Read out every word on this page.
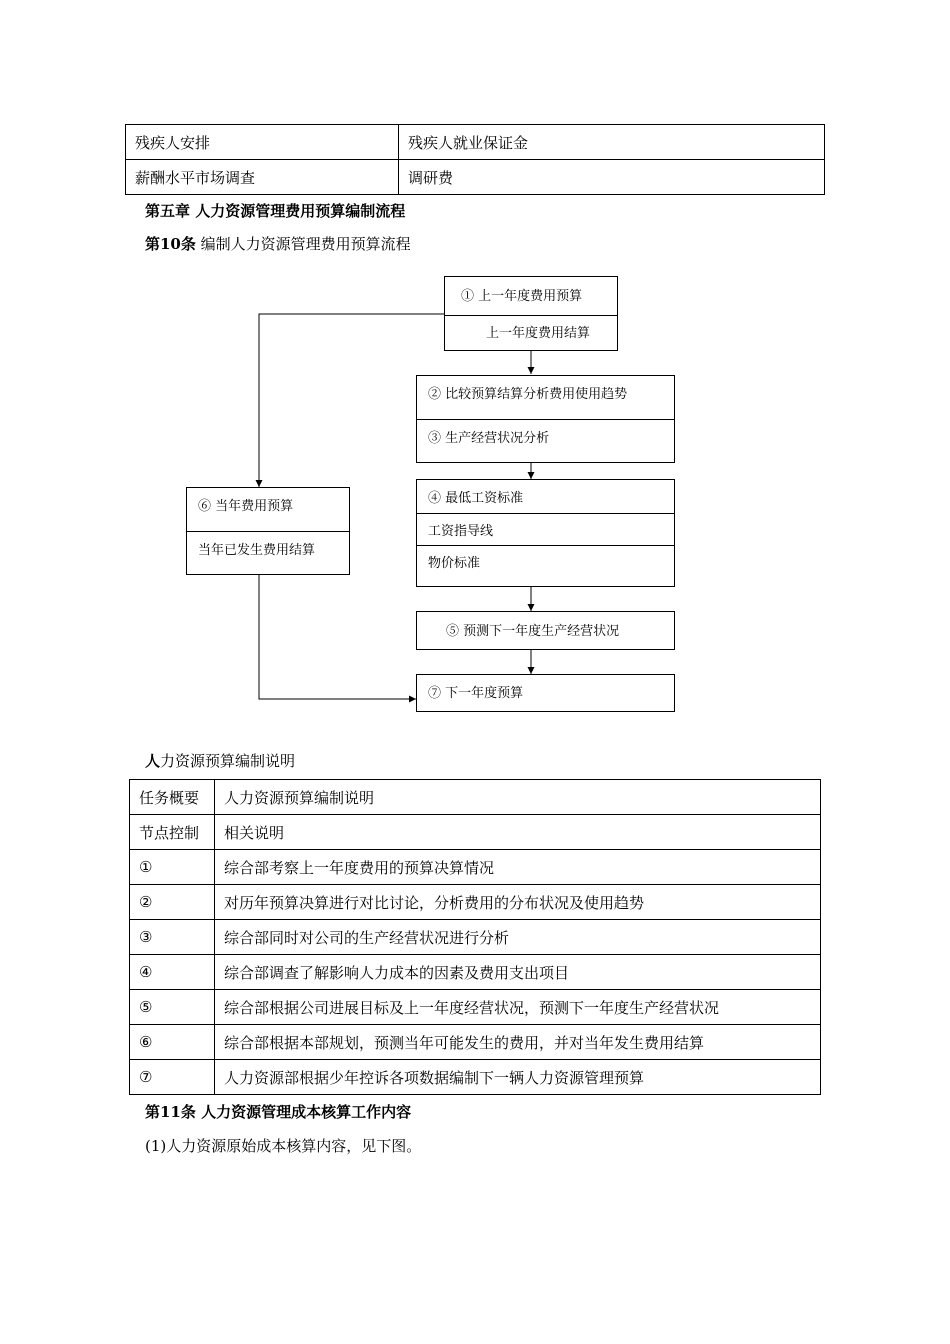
残疾人安排	残疾人就业保证金
薪酬水平市场调查	调研费
第五章 人力资源管理费用预算编制流程
第10条 编制人力资源管理费用预算流程
① 上一年度费用预算
上一年度费用结算
② 比较预算结算分析费用使用趋势
③ 生产经营状况分析
④ 最低工资标准
工资指导线
物价标准
⑤ 预测下一年度生产经营状况
⑥ 当年费用预算
当年已发生费用结算
⑦ 下一年度预算
人力资源预算编制说明
任务概要	人力资源预算编制说明
节点控制	相关说明
①	综合部考察上一年度费用的预算决算情况
②	对历年预算决算进行对比讨论，分析费用的分布状况及使用趋势
③	综合部同时对公司的生产经营状况进行分析
④	综合部调查了解影响人力成本的因素及费用支出项目
⑤	综合部根据公司进展目标及上一年度经营状况，预测下一年度生产经营状况
⑥	综合部根据本部规划，预测当年可能发生的费用，并对当年发生费用结算
⑦	人力资源部根据少年控诉各项数据编制下一辆人力资源管理预算
第11条 人力资源管理成本核算工作内容
(1)人力资源原始成本核算内容，见下图。
